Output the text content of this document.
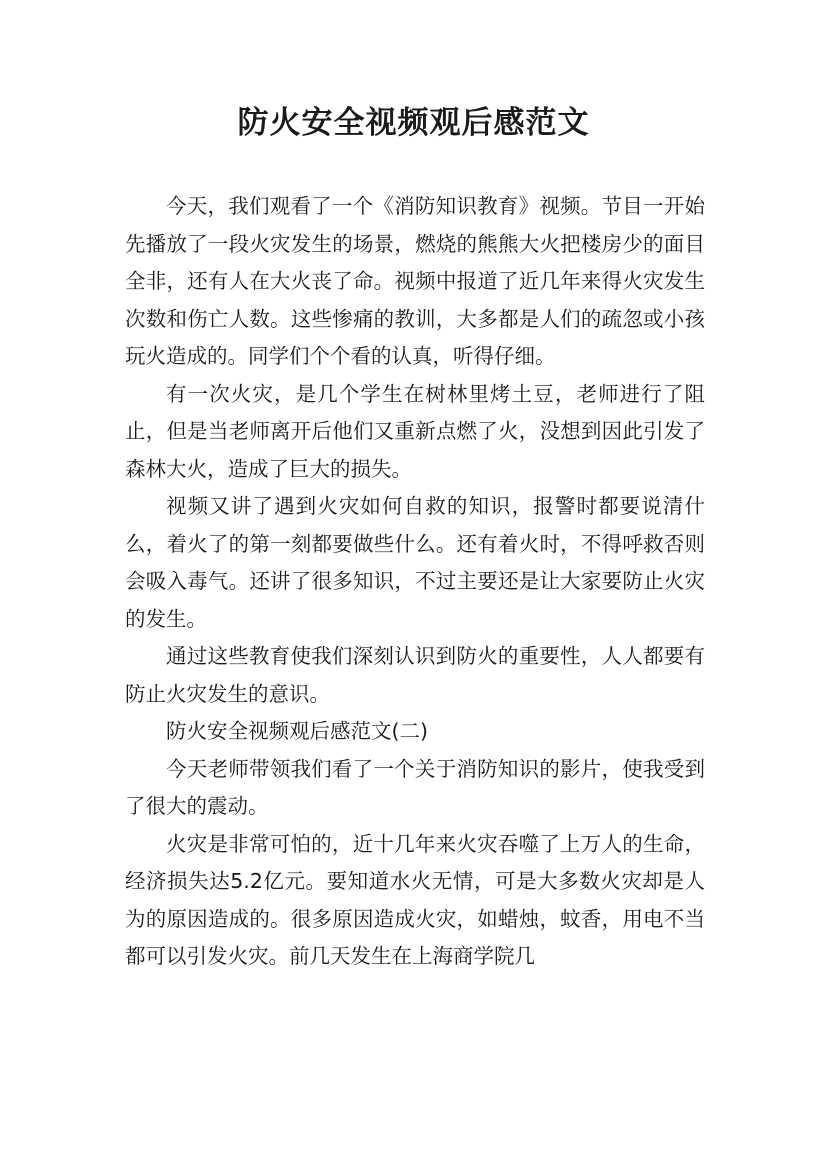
防火安全视频观后感范文

今天，我们观看了一个《消防知识教育》视频。节目一开始先播放了一段火灾发生的场景，燃烧的熊熊大火把楼房少的面目全非，还有人在大火丧了命。视频中报道了近几年来得火灾发生次数和伤亡人数。这些惨痛的教训，大多都是人们的疏忽或小孩玩火造成的。同学们个个看的认真，听得仔细。

有一次火灾，是几个学生在树林里烤土豆，老师进行了阻止，但是当老师离开后他们又重新点燃了火，没想到因此引发了森林大火，造成了巨大的损失。

视频又讲了遇到火灾如何自救的知识，报警时都要说清什么，着火了的第一刻都要做些什么。还有着火时，不得呼救否则会吸入毒气。还讲了很多知识，不过主要还是让大家要防止火灾的发生。

通过这些教育使我们深刻认识到防火的重要性，人人都要有防止火灾发生的意识。

防火安全视频观后感范文(二)

今天老师带领我们看了一个关于消防知识的影片，使我受到了很大的震动。

火灾是非常可怕的，近十几年来火灾吞噬了上万人的生命，经济损失达5.2亿元。要知道水火无情，可是大多数火灾却是人为的原因造成的。很多原因造成火灾，如蜡烛，蚊香，用电不当都可以引发火灾。前几天发生在上海商学院几
